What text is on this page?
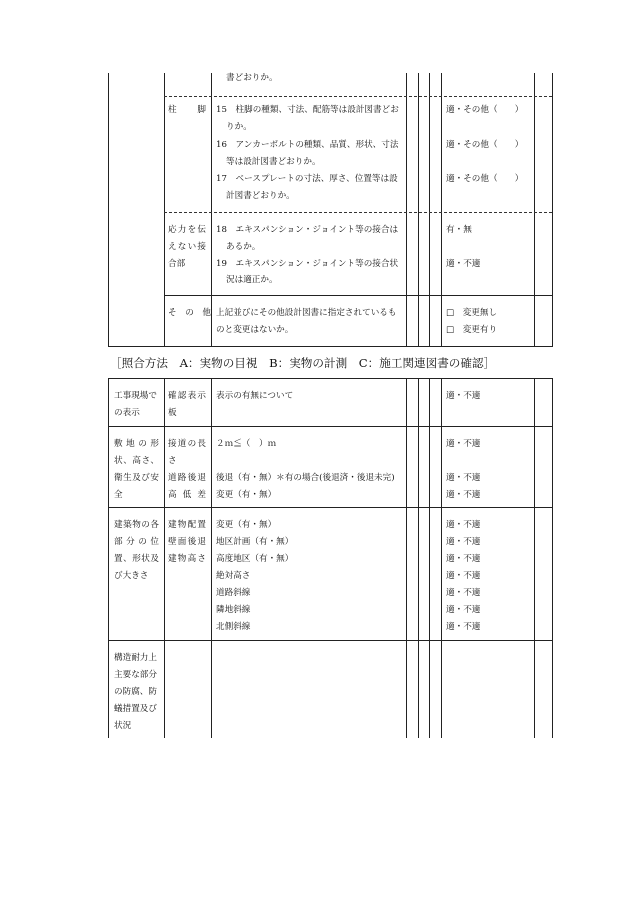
書どおりか。
柱　　脚 15　柱脚の種類、寸法、配筋等は設計図書どお
りか。
16　アンカーボルトの種類、品質、形状、寸法
等は設計図書どおりか。
17　ベースプレートの寸法、厚さ、位置等は設
計図書どおりか。
適・その他（　　）
適・その他（　　）
適・その他（　　）
応力を伝
えない接
合部
18　エキスパンション・ジョイント等の接合は
あるか。
19　エキスパンション・ジョイント等の接合状
況は適正か。
有・無
適・不適
そ　の　他 上記並びにその他設計図書に指定されているも
のと変更はないか。
□　変更無し
□　変更有り
［照合方法　A：実物の目視　B：実物の計測　C：施工関連図書の確認］
工事現場で
の表示
確認表示
板
表示の有無について	適・不適
敷地の形
状、高さ、
衛生及び安
全
接道の長
さ
道路後退
高低差
２ｍ≦（　）ｍ
後退（有・無）＊有の場合(後退済・後退未完)
変更（有・無）
適・不適
適・不適
適・不適
建築物の各
部分の位
置、形状及
び大きさ
建物配置
壁面後退
建物高さ
変更（有・無）
地区計画（有・無）
高度地区（有・無）
絶対高さ
道路斜線
隣地斜線
北側斜線
適・不適
適・不適
適・不適
適・不適
適・不適
適・不適
適・不適
構造耐力上
主要な部分
の防腐、防
蟻措置及び
状況
